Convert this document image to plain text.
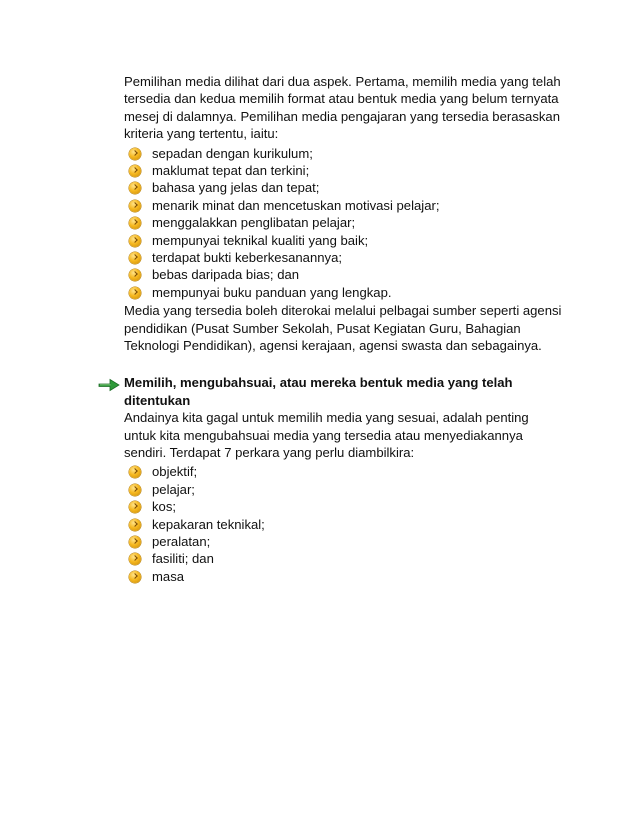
Pemilihan media dilihat dari dua aspek. Pertama, memilih media yang telah tersedia dan kedua memilih format atau bentuk media yang belum ternyata mesej di dalamnya. Pemilihan media pengajaran yang tersedia berasaskan kriteria yang tertentu, iaitu:

sepadan dengan kurikulum;
maklumat tepat dan terkini;
bahasa yang jelas dan tepat;
menarik minat dan mencetuskan motivasi pelajar;
menggalakkan penglibatan pelajar;
mempunyai teknikal kualiti yang baik;
terdapat bukti keberkesanannya;
bebas daripada bias; dan
mempunyai buku panduan yang lengkap.

Media yang tersedia boleh diterokai melalui pelbagai sumber seperti agensi pendidikan (Pusat Sumber Sekolah, Pusat Kegiatan Guru, Bahagian Teknologi Pendidikan), agensi kerajaan, agensi swasta dan sebagainya.

Memilih, mengubahsuai, atau mereka bentuk media yang telah ditentukan

Andainya kita gagal untuk memilih media yang sesuai, adalah penting untuk kita mengubahsuai media yang tersedia atau menyediakannya sendiri. Terdapat 7 perkara yang perlu diambilkira:

objektif;
pelajar;
kos;
kepakaran teknikal;
peralatan;
fasiliti; dan
masa
